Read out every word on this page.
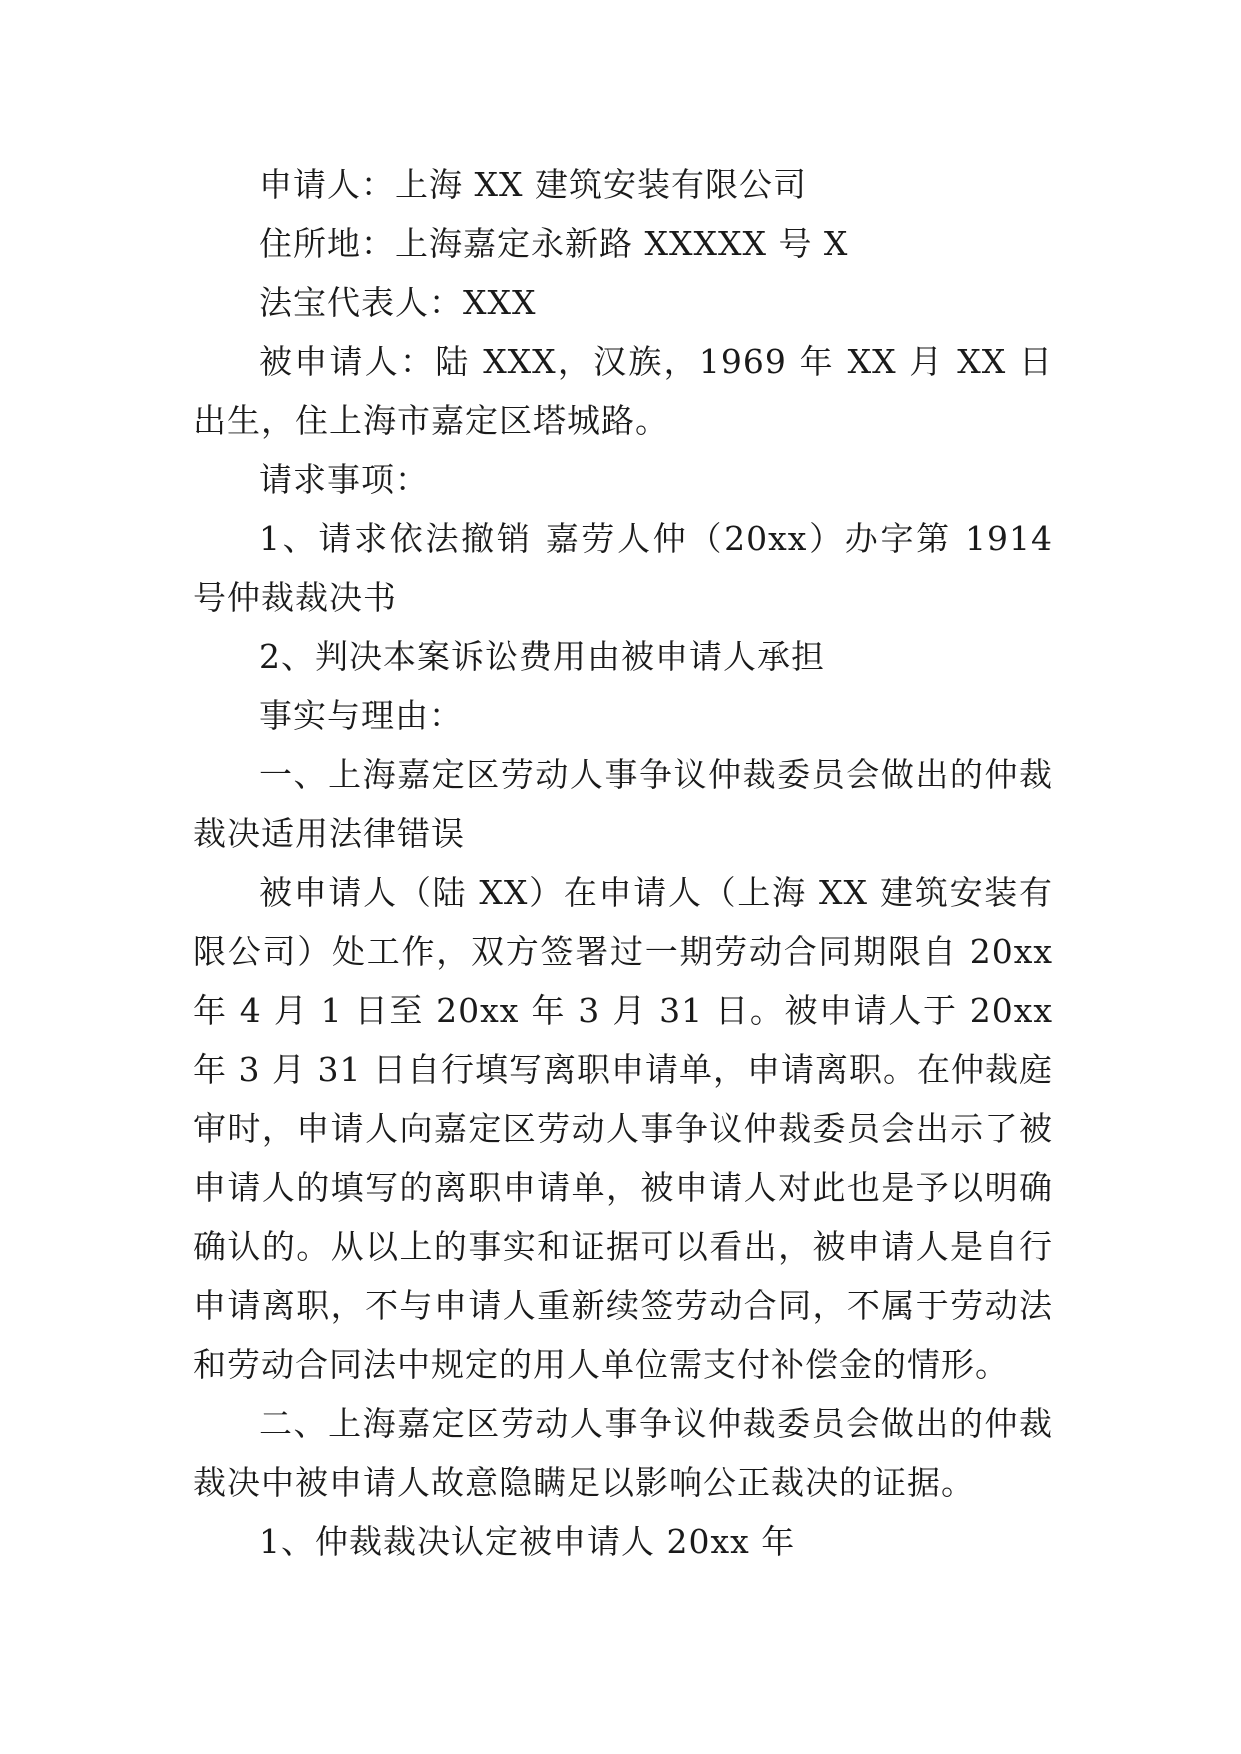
申请人：上海 XX 建筑安装有限公司

住所地：上海嘉定永新路 XXXXX 号 X

法宝代表人：XXX

被申请人：陆 XXX，汉族，1969 年 XX 月 XX 日出生，住上海市嘉定区塔城路。

请求事项：

1、请求依法撤销 嘉劳人仲（20xx）办字第 1914 号仲裁裁决书

2、判决本案诉讼费用由被申请人承担

事实与理由：

一、上海嘉定区劳动人事争议仲裁委员会做出的仲裁裁决适用法律错误

被申请人（陆 XX）在申请人（上海 XX 建筑安装有限公司）处工作，双方签署过一期劳动合同期限自 20xx 年 4 月 1 日至 20xx 年 3 月 31 日。被申请人于 20xx 年 3 月 31 日自行填写离职申请单，申请离职。在仲裁庭审时，申请人向嘉定区劳动人事争议仲裁委员会出示了被申请人的填写的离职申请单，被申请人对此也是予以明确确认的。从以上的事实和证据可以看出，被申请人是自行申请离职，不与申请人重新续签劳动合同，不属于劳动法和劳动合同法中规定的用人单位需支付补偿金的情形。

二、上海嘉定区劳动人事争议仲裁委员会做出的仲裁裁决中被申请人故意隐瞒足以影响公正裁决的证据。

1、仲裁裁决认定被申请人 20xx 年
